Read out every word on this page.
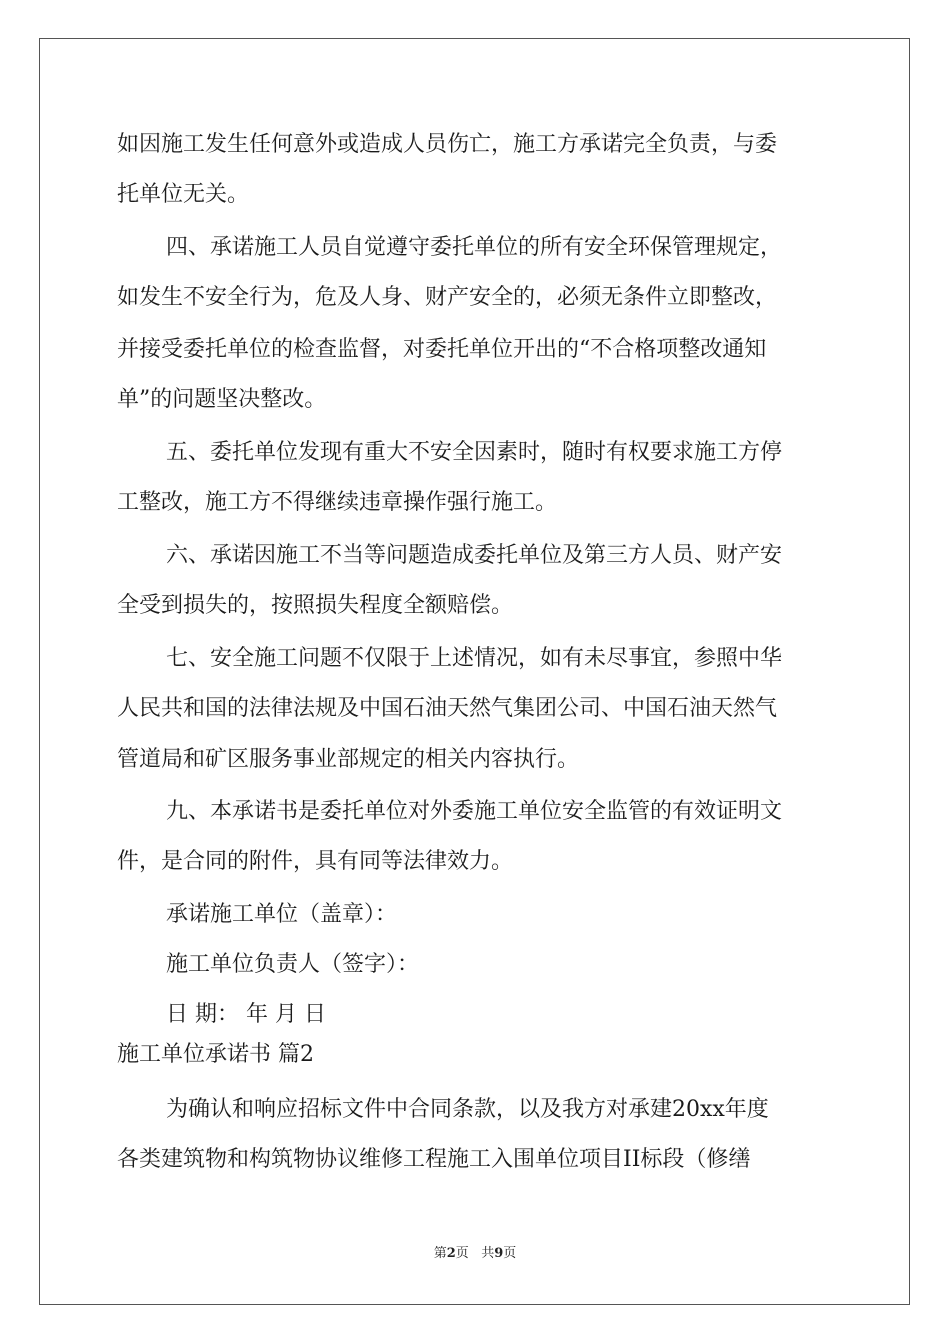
如因施工发生任何意外或造成人员伤亡，施工方承诺完全负责，与委
托单位无关。
四、承诺施工人员自觉遵守委托单位的所有安全环保管理规定，
如发生不安全行为，危及人身、财产安全的，必须无条件立即整改，
并接受委托单位的检查监督，对委托单位开出的“不合格项整改通知
单”的问题坚决整改。
五、委托单位发现有重大不安全因素时，随时有权要求施工方停
工整改，施工方不得继续违章操作强行施工。
六、承诺因施工不当等问题造成委托单位及第三方人员、财产安
全受到损失的，按照损失程度全额赔偿。
七、安全施工问题不仅限于上述情况，如有未尽事宜，参照中华
人民共和国的法律法规及中国石油天然气集团公司、中国石油天然气
管道局和矿区服务事业部规定的相关内容执行。
九、本承诺书是委托单位对外委施工单位安全监管的有效证明文
件，是合同的附件，具有同等法律效力。
承诺施工单位（盖章）：
施工单位负责人（签字）：
日 期： 年 月 日
施工单位承诺书 篇2
为确认和响应招标文件中合同条款，以及我方对承建20xx年度
各类建筑物和构筑物协议维修工程施工入围单位项目II标段（修缮
第2页 共9页
